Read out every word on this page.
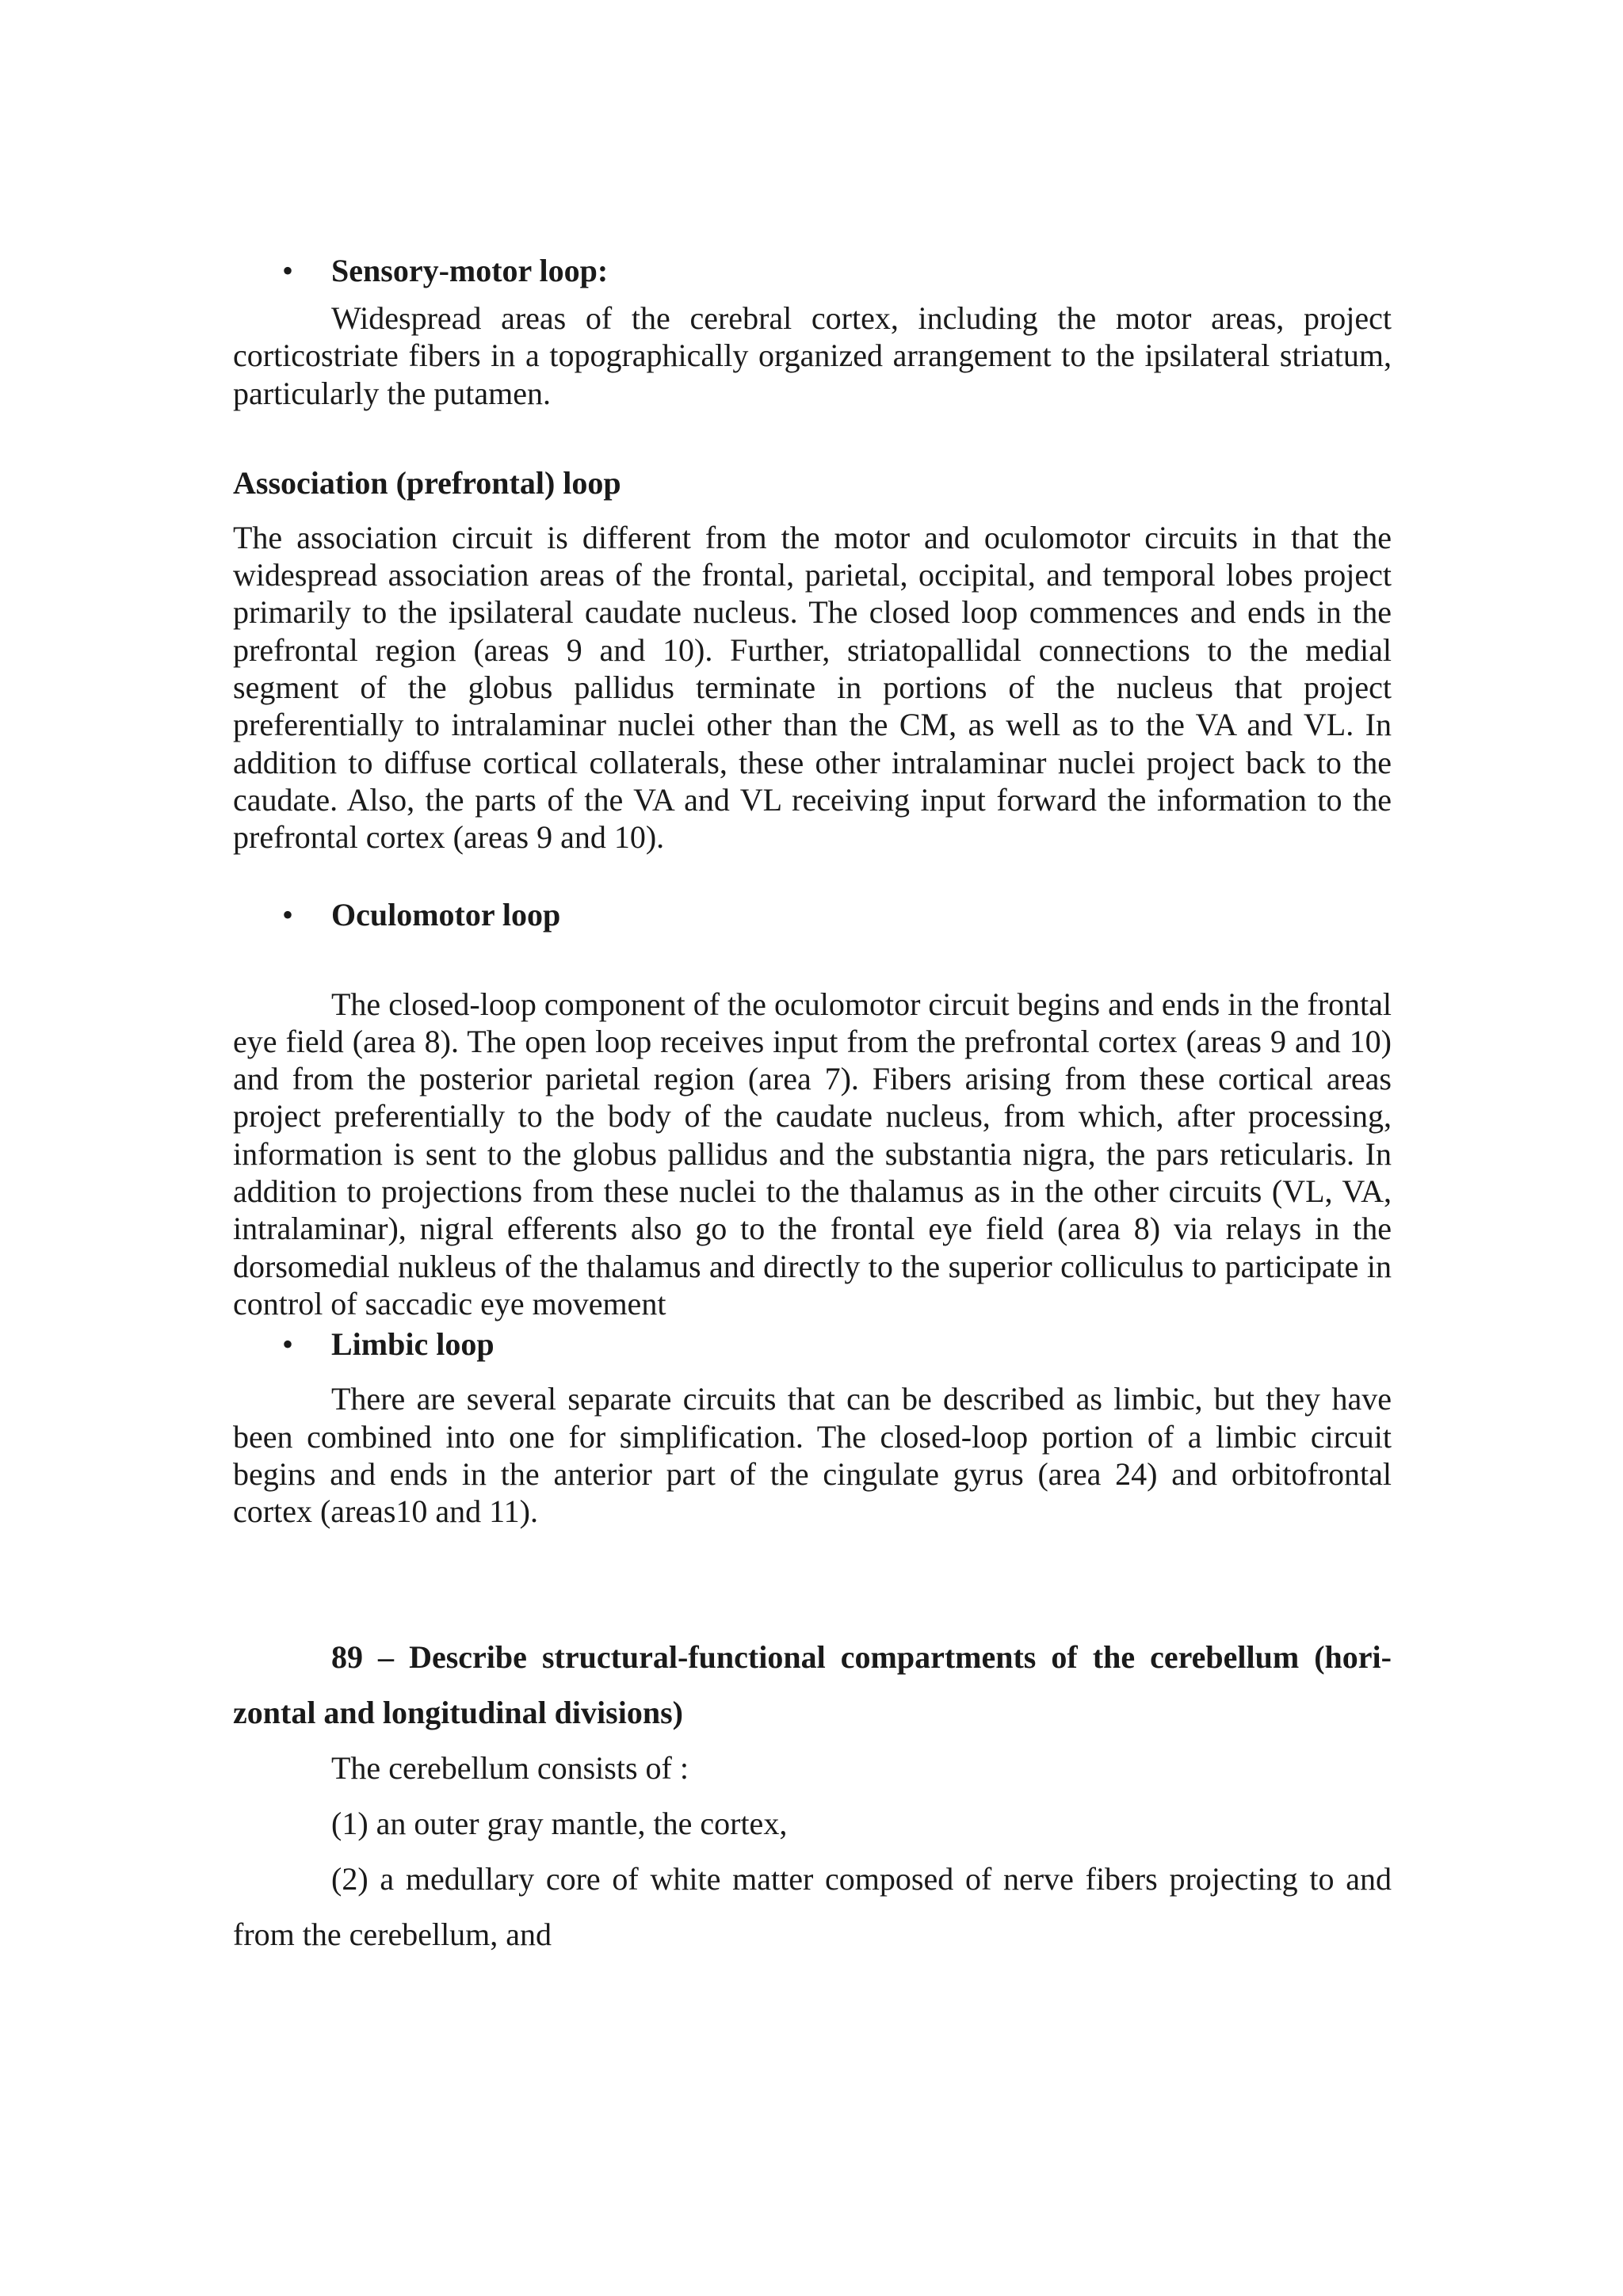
• Sensory-motor loop:

Widespread areas of the cerebral cortex, including the motor areas, project corticostriate fibers in a topographically organized arrangement to the ipsilateral striatum, particularly the putamen.

Association (prefrontal) loop

The association circuit is different from the motor and oculomotor circuits in that the widespread association areas of the frontal, parietal, occipital, and temporal lobes project primarily to the ipsilateral caudate nucleus. The closed loop commences and ends in the prefrontal region (areas 9 and 10). Further, striatopallidal connections to the medial segment of the globus pallidus terminate in portions of the nucleus that project preferentially to intralaminar nuclei other than the CM, as well as to the VA and VL. In addition to diffuse cortical collaterals, these other intralaminar nuclei project back to the caudate. Also, the parts of the VA and VL receiving input forward the information to the prefrontal cortex (areas 9 and 10).

• Oculomotor loop

The closed-loop component of the oculomotor circuit begins and ends in the frontal eye field (area 8). The open loop receives input from the prefrontal cortex (areas 9 and 10) and from the posterior parietal region (area 7). Fibers arising from these cortical areas project preferentially to the body of the caudate nucleus, from which, after processing, information is sent to the globus pallidus and the substantia nigra, the pars reticularis. In addition to projections from these nuclei to the thalamus as in the other circuits (VL, VA, intralaminar), nigral efferents also go to the frontal eye field (area 8) via relays in the dorsomedial nukleus of the thalamus and directly to the superior colliculus to participate in control of saccadic eye movement

• Limbic loop

There are several separate circuits that can be described as limbic, but they have been combined into one for simplification. The closed-loop portion of a limbic circuit begins and ends in the anterior part of the cingulate gyrus (area 24) and orbitofrontal cortex (areas10 and 11).

89 – Describe structural-functional compartments of the cerebellum (hori-zontal and longitudinal divisions)

The cerebellum consists of :

(1) an outer gray mantle, the cortex,

(2) a medullary core of white matter composed of nerve fibers projecting to and from the cerebellum, and
